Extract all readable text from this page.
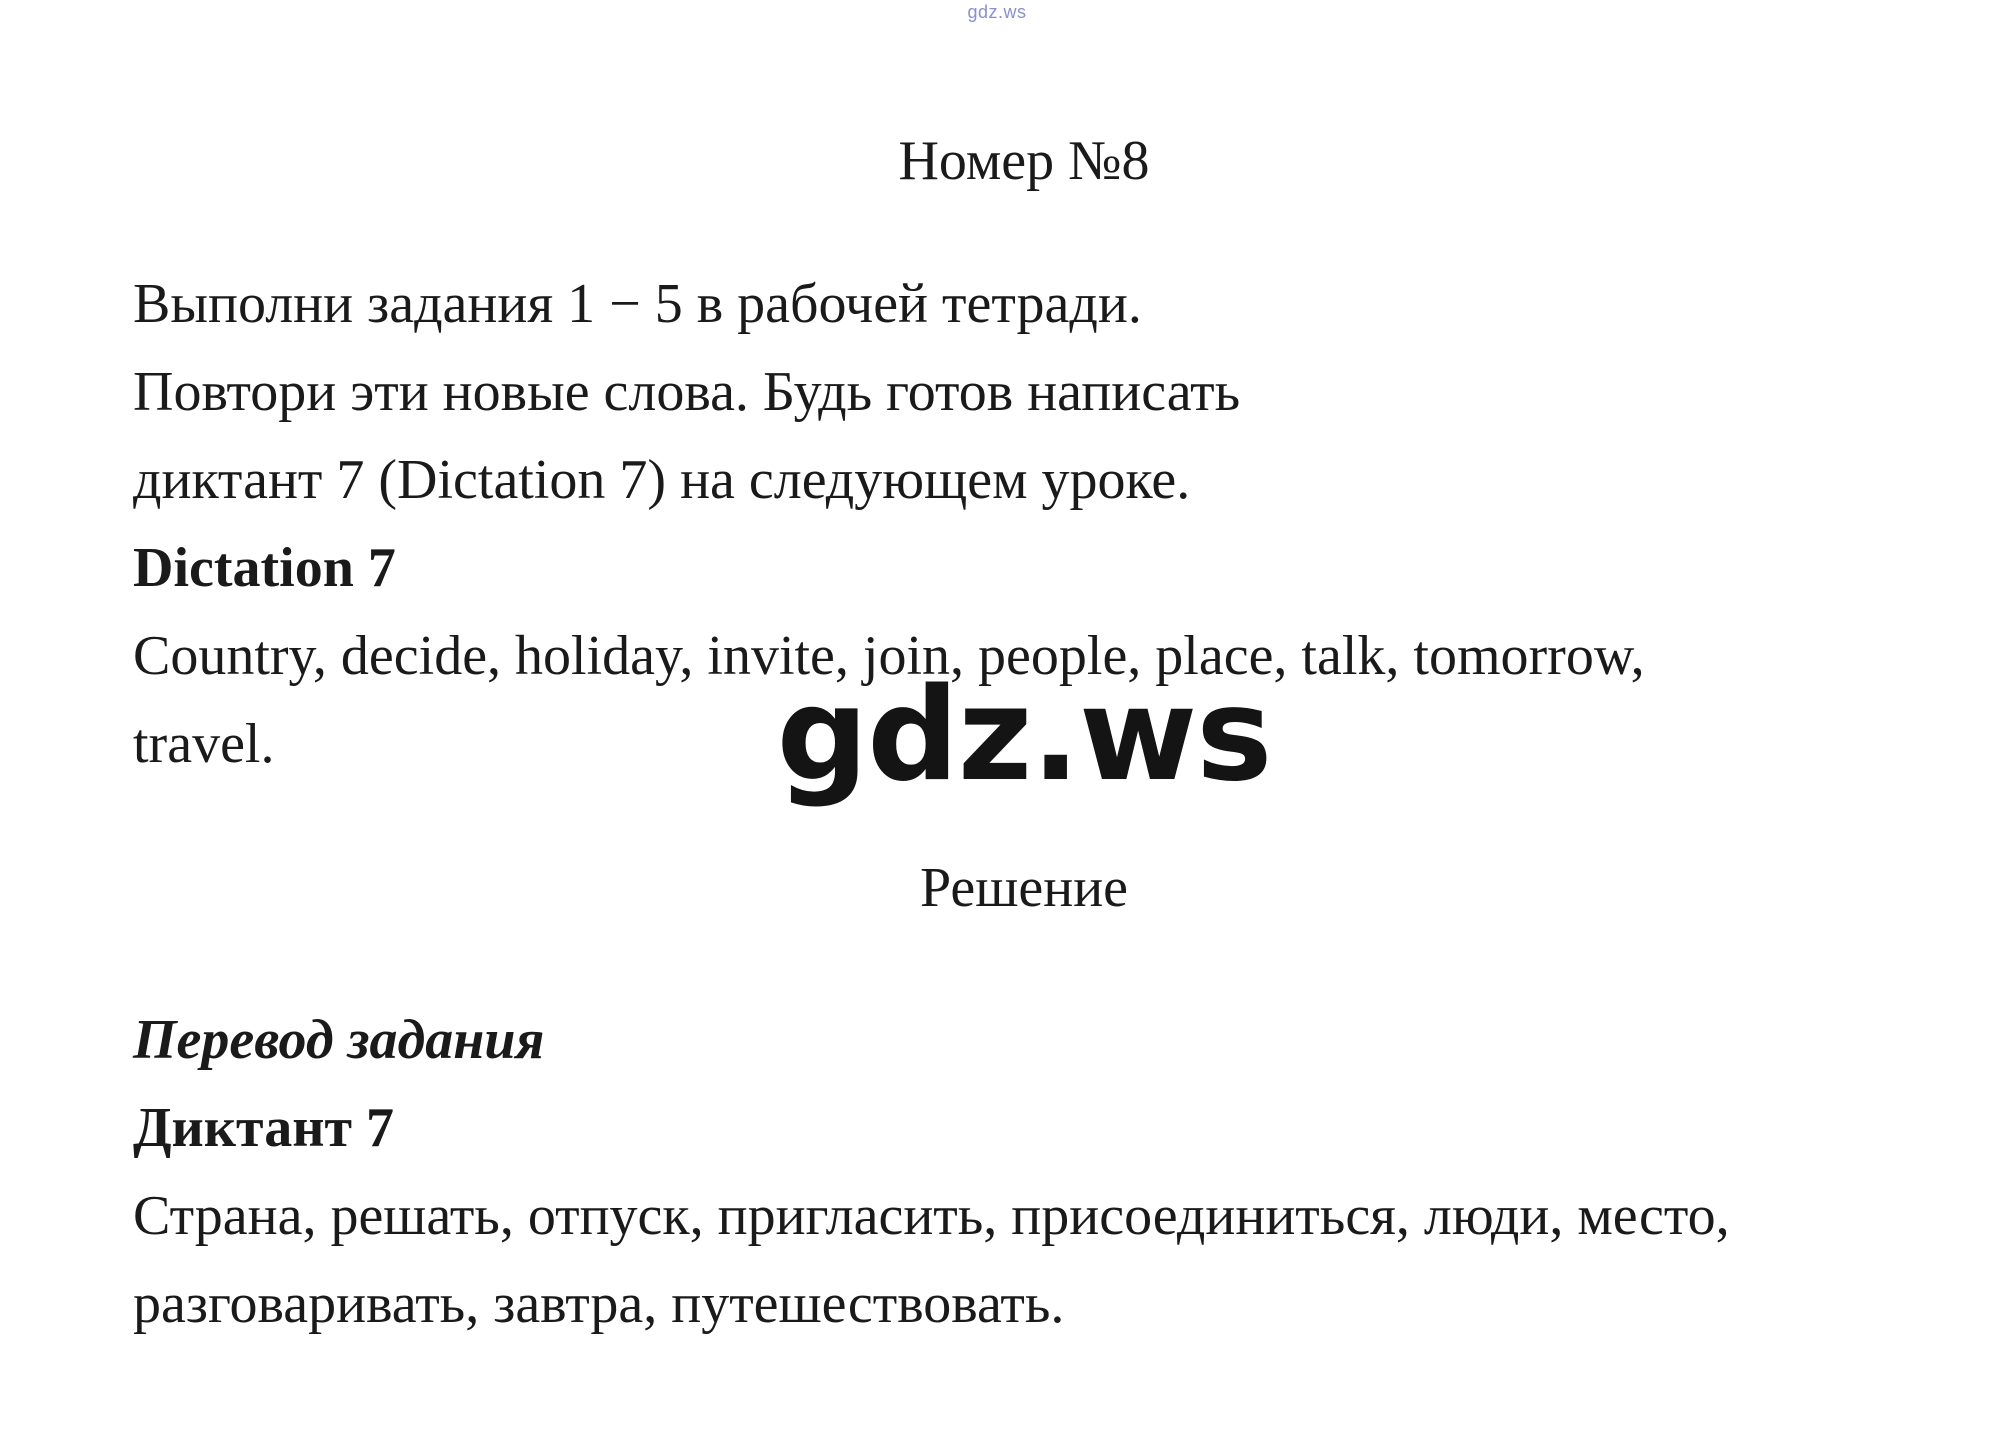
gdz.ws
Номер №8
Выполни задания 1 − 5 в рабочей тетради.
Повтори эти новые слова. Будь готов написать
диктант 7 (Dictation 7) на следующем уроке.
Dictation 7
Country, decide, holiday, invite, join, people, place, talk, tomorrow,
travel.	gdz.ws
Решение
Перевод задания
Диктант 7
Страна, решать, отпуск, пригласить, присоединиться, люди, место,
разговаривать, завтра, путешествовать.
